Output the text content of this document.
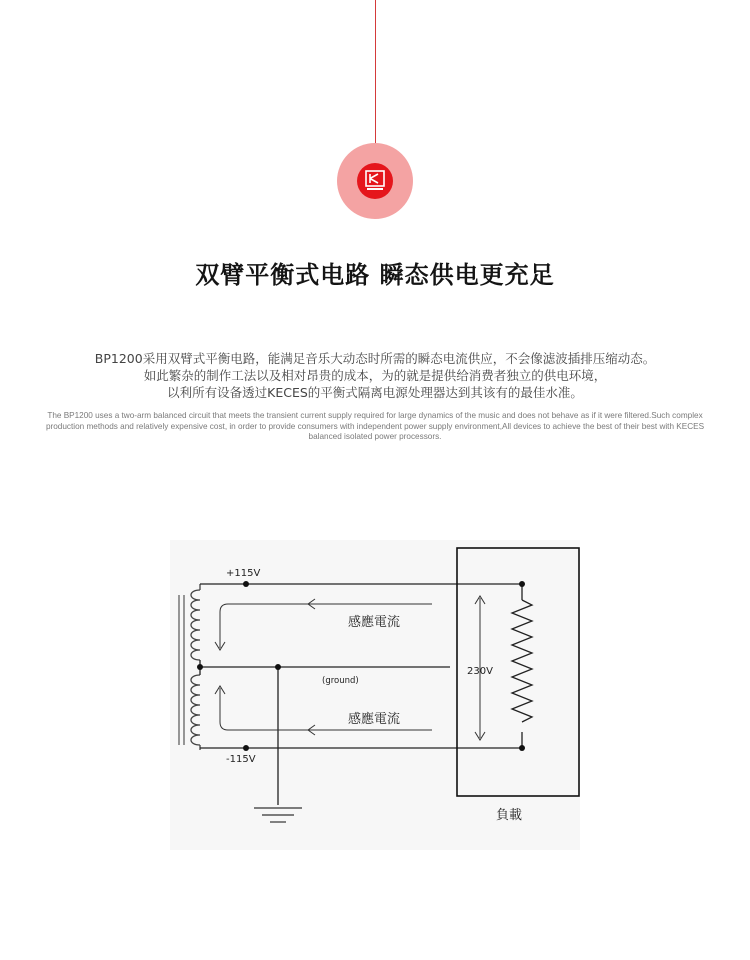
双臂平衡式电路 瞬态供电更充足
BP1200采用双臂式平衡电路，能满足音乐大动态时所需的瞬态电流供应，不会像滤波插排压缩动态。
如此繁杂的制作工法以及相对昂贵的成本，为的就是提供给消费者独立的供电环境，
以利所有设备透过KECES的平衡式隔离电源处理器达到其该有的最佳水准。
The BP1200 uses a two-arm balanced circuit that meets the transient current supply required for large dynamics of the music and does not behave as if it were filtered.Such complex production methods and relatively expensive cost, in order to provide consumers with independent power supply environment,All devices to achieve the best of their best with KECES balanced isolated power processors.
+115V
-115V
(ground)
230V
感應電流
感應電流
負載
